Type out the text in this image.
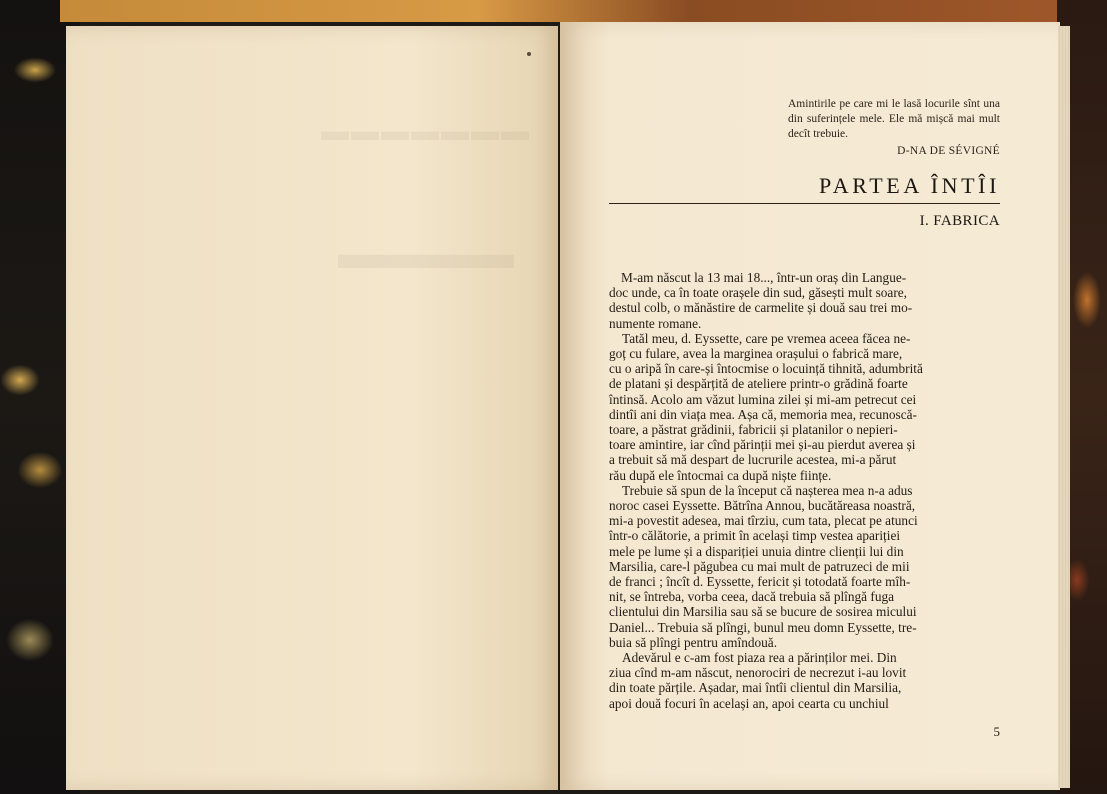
▬▬▬▬▬▬▬
▬▬▬▬
Amintirile pe care mi le lasă locurile sînt una din suferințele mele. Ele mă mișcă mai mult decît trebuie.
D-NA DE SÉVIGNÉ
PARTEA ÎNTÎI
I. FABRICA

M-am născut la 13 mai 18..., într-un oraș din Langue-
doc unde, ca în toate orașele din sud, găsești mult soare,
destul colb, o mănăstire de carmelite și două sau trei mo-
numente romane.

Tatăl meu, d. Eyssette, care pe vremea aceea făcea ne-
goț cu fulare, avea la marginea orașului o fabrică mare,
cu o aripă în care-și întocmise o locuință tihnită, adumbrită
de platani și despărțită de ateliere printr-o grădină foarte
întinsă. Acolo am văzut lumina zilei și mi-am petrecut cei
dintîi ani din viața mea. Așa că, memoria mea, recunoscă-
toare, a păstrat grădinii, fabricii și platanilor o nepieri-
toare amintire, iar cînd părinții mei și-au pierdut averea și
a trebuit să mă despart de lucrurile acestea, mi-a părut
rău după ele întocmai ca după niște ființe.

Trebuie să spun de la început că nașterea mea n-a adus
noroc casei Eyssette. Bătrîna Annou, bucătăreasa noastră,
mi-a povestit adesea, mai tîrziu, cum tata, plecat pe atunci
într-o călătorie, a primit în același timp vestea apariției
mele pe lume și a dispariției unuia dintre clienții lui din
Marsilia, care-l păgubea cu mai mult de patruzeci de mii
de franci ; încît d. Eyssette, fericit și totodată foarte mîh-
nit, se întreba, vorba ceea, dacă trebuia să plîngă fuga
clientului din Marsilia sau să se bucure de sosirea micului
Daniel... Trebuia să plîngi, bunul meu domn Eyssette, tre-
buia să plîngi pentru amîndouă.

Adevărul e c-am fost piaza rea a părinților mei. Din
ziua cînd m-am născut, nenorociri de necrezut i-au lovit
din toate părțile. Așadar, mai întîi clientul din Marsilia,
apoi două focuri în același an, apoi cearta cu unchiul

5
